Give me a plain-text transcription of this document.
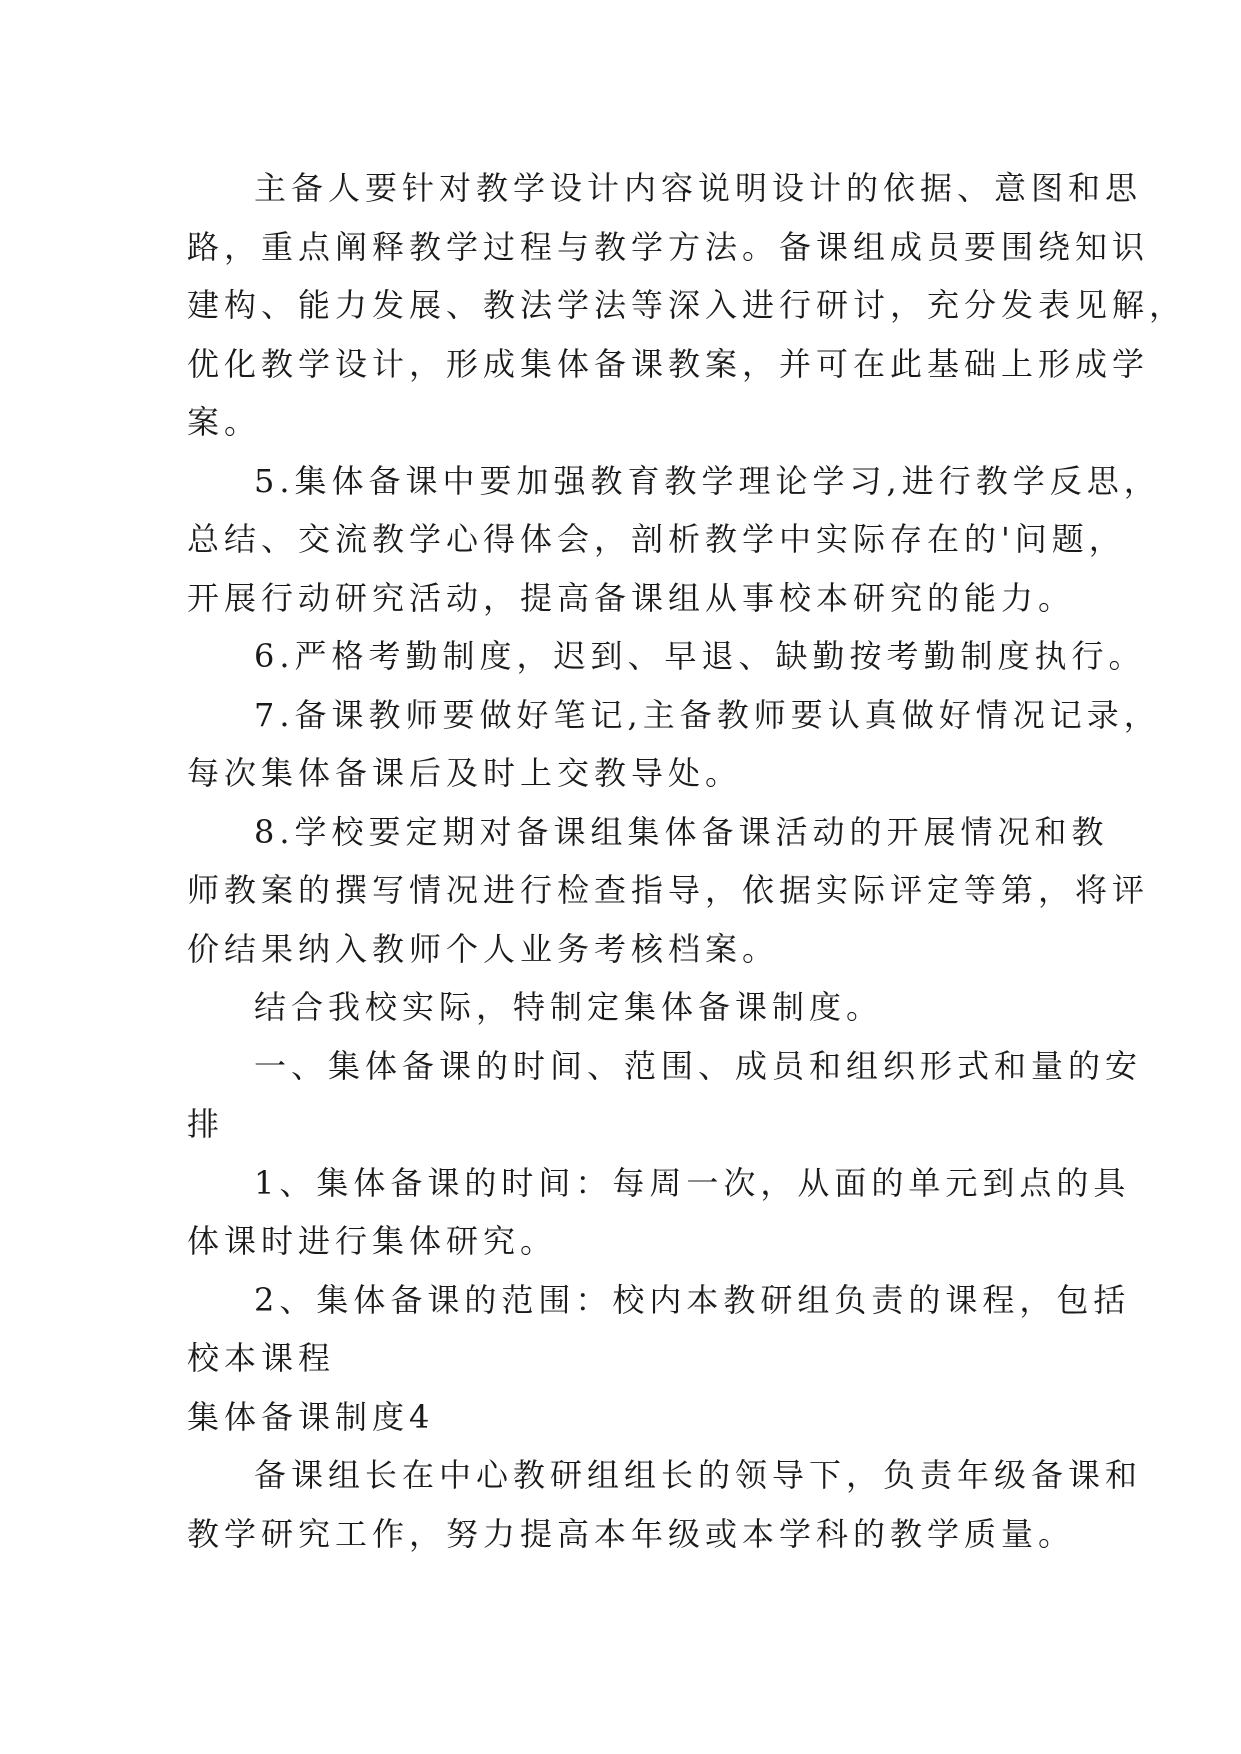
主备人要针对教学设计内容说明设计的依据、意图和思

路，重点阐释教学过程与教学方法。备课组成员要围绕知识

建构、能力发展、教法学法等深入进行研讨，充分发表见解，

优化教学设计，形成集体备课教案，并可在此基础上形成学

案。

5.集体备课中要加强教育教学理论学习,进行教学反思，

总结、交流教学心得体会，剖析教学中实际存在的'问题，

开展行动研究活动，提高备课组从事校本研究的能力。

6.严格考勤制度，迟到、早退、缺勤按考勤制度执行。

7.备课教师要做好笔记,主备教师要认真做好情况记录，

每次集体备课后及时上交教导处。

8.学校要定期对备课组集体备课活动的开展情况和教

师教案的撰写情况进行检查指导，依据实际评定等第，将评

价结果纳入教师个人业务考核档案。

结合我校实际，特制定集体备课制度。

一、集体备课的时间、范围、成员和组织形式和量的安

排

1、集体备课的时间：每周一次，从面的单元到点的具

体课时进行集体研究。

2、集体备课的范围：校内本教研组负责的课程，包括

校本课程

集体备课制度4

备课组长在中心教研组组长的领导下，负责年级备课和

教学研究工作，努力提高本年级或本学科的教学质量。
